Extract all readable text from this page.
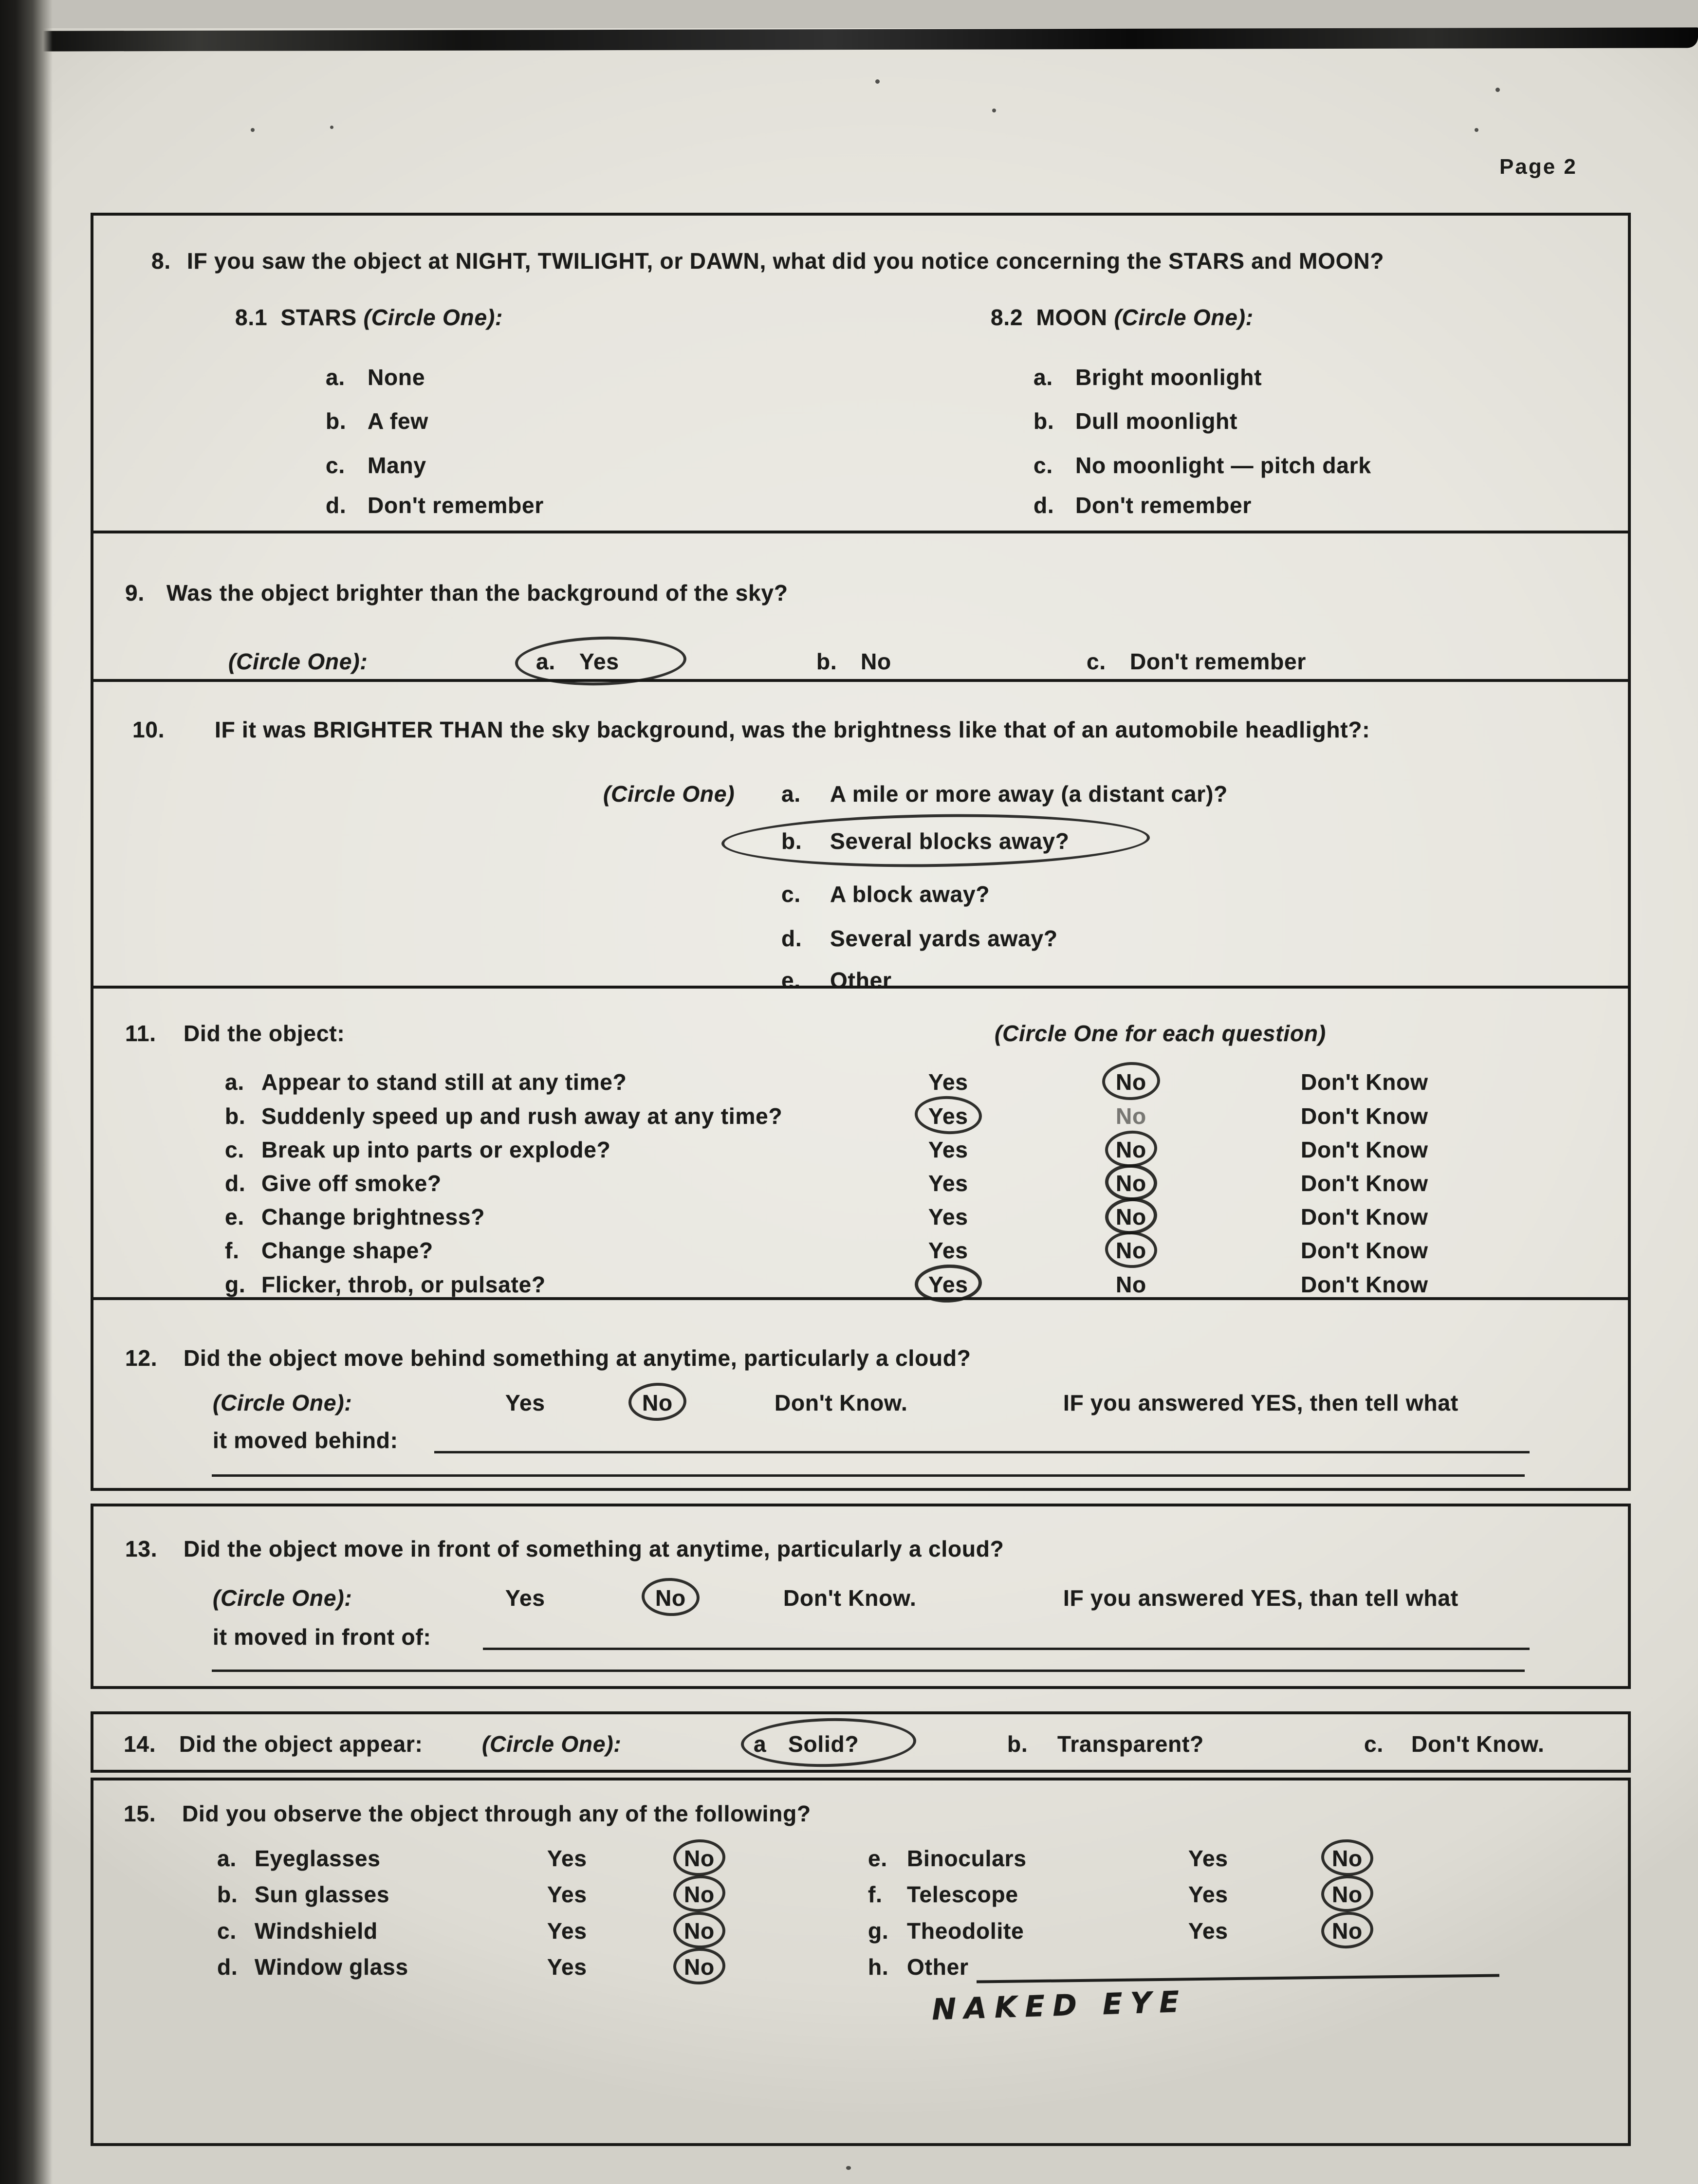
Page 2
8. IF you saw the object at NIGHT, TWILIGHT, or DAWN, what did you notice concerning the STARS and MOON?
8.1 STARS (Circle One):	8.2 MOON (Circle One):
a. None	a. Bright moonlight
b. A few	b. Dull moonlight
c. Many	c. No moonlight — pitch dark
d. Don't remember	d. Don't remember
9. Was the object brighter than the background of the sky?
(Circle One):	a. Yes	b. No	c. Don't remember
10. IF it was BRIGHTER THAN the sky background, was the brightness like that of an automobile headlight?:
(Circle One) a. A mile or more away (a distant car)?
b. Several blocks away?
c. A block away?
d. Several yards away?
e. Other
11. Did the object:	(Circle One for each question)
a. Appear to stand still at any time?	Yes	No	Don't Know
b. Suddenly speed up and rush away at any time?	Yes	No	Don't Know
c. Break up into parts or explode?	Yes	No	Don't Know
d. Give off smoke?	Yes	No	Don't Know
e. Change brightness?	Yes	No	Don't Know
f. Change shape?	Yes	No	Don't Know
g. Flicker, throb, or pulsate?	Yes	No	Don't Know
12. Did the object move behind something at anytime, particularly a cloud?
(Circle One):	Yes	No	Don't Know.	IF you answered YES, then tell what
it moved behind:
13. Did the object move in front of something at anytime, particularly a cloud?
(Circle One):	Yes	No	Don't Know.	IF you answered YES, than tell what
it moved in front of:
14. Did the object appear:	(Circle One):	a Solid?	b. Transparent?	c. Don't Know.
15. Did you observe the object through any of the following?
a. Eyeglasses	Yes	No	e. Binoculars	Yes	No
b. Sun glasses	Yes	No	f. Telescope	Yes	No
c. Windshield	Yes	No	g. Theodolite	Yes	No
d. Window glass	Yes	No	h. Other
NAKED EYE
